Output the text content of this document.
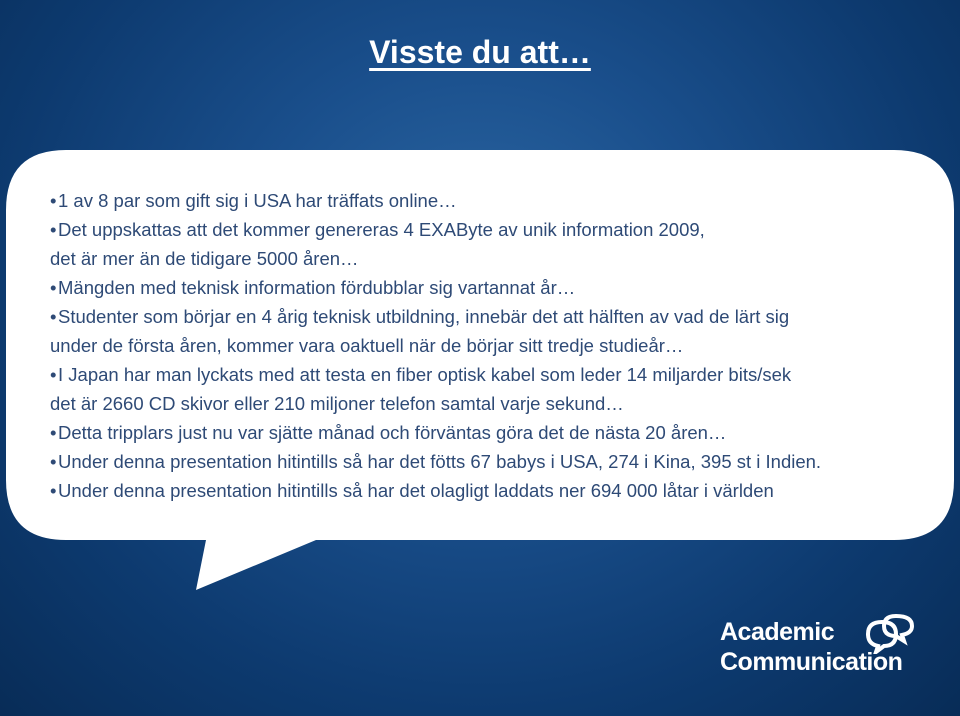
Visste du att…
•1 av 8 par som gift sig i USA har träffats online…
•Det uppskattas att det kommer genereras 4 EXAByte av unik information 2009,
det är mer än de tidigare 5000 åren…
•Mängden med teknisk information fördubblar sig vartannat år…
•Studenter som börjar en 4 årig teknisk utbildning, innebär det att hälften av vad de lärt sig
under de första åren, kommer vara oaktuell när de börjar sitt tredje studieår…
•I Japan har man lyckats med att testa en fiber optisk kabel som leder 14 miljarder bits/sek
det är 2660 CD skivor eller 210 miljoner telefon samtal varje sekund…
•Detta tripplars just nu var sjätte månad och förväntas göra det de nästa 20 åren…
•Under denna presentation hitintills så har det fötts 67 babys i USA, 274 i Kina, 395 st i Indien.
•Under denna presentation hitintills så har det olagligt laddats ner 694 000 låtar i världen
Academic
Communication
